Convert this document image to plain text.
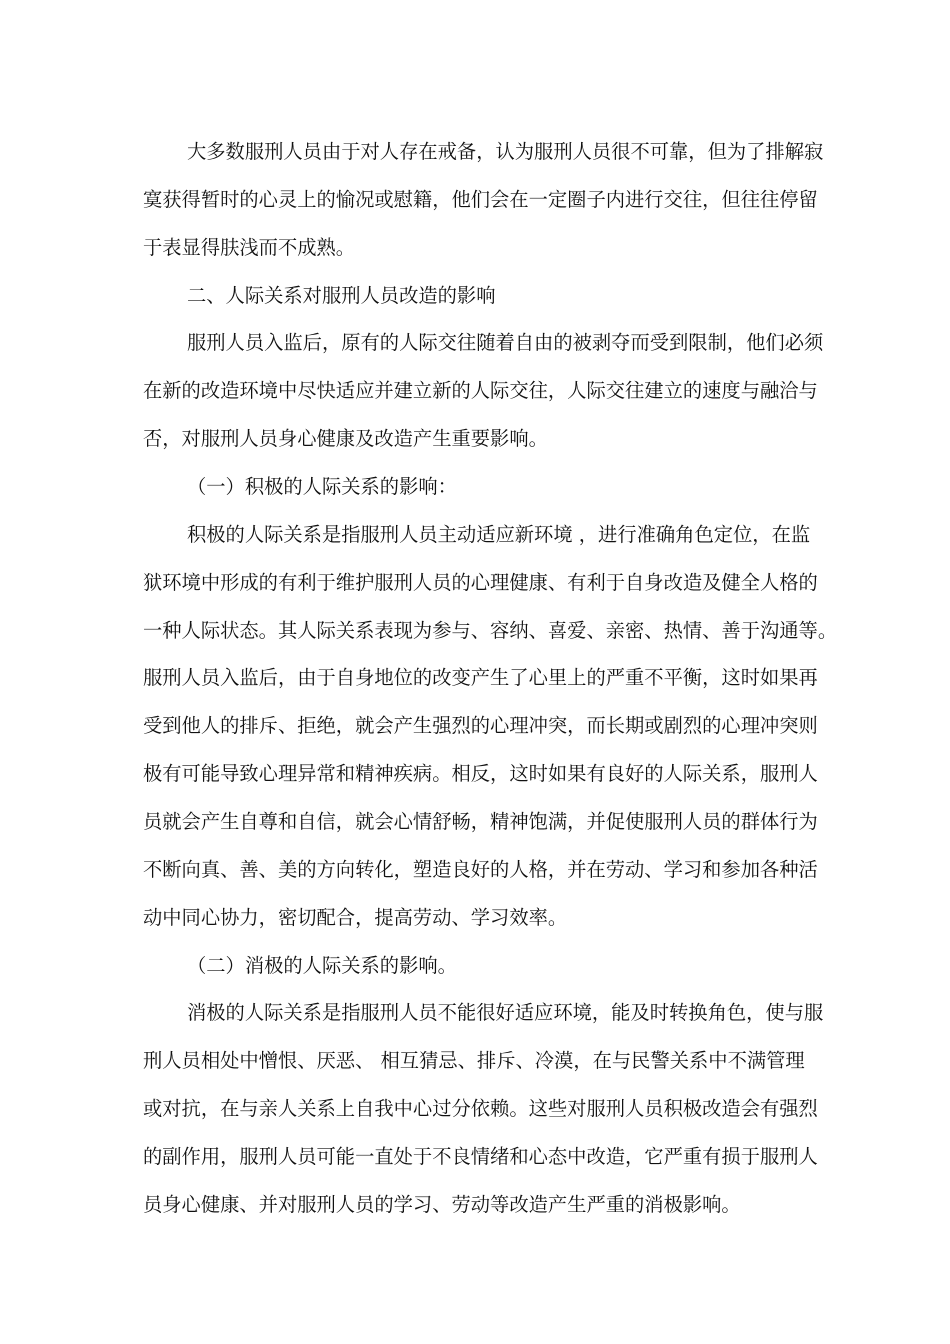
大多数服刑人员由于对人存在戒备，认为服刑人员很不可靠，但为了排解寂
寞获得暂时的心灵上的愉况或慰籍，他们会在一定圈子内进行交往，但往往停留
于表显得肤浅而不成熟。
二、人际关系对服刑人员改造的影响
服刑人员入监后，原有的人际交往随着自由的被剥夺而受到限制，他们必须
在新的改造环境中尽快适应并建立新的人际交往，人际交往建立的速度与融洽与
否，对服刑人员身心健康及改造产生重要影响。
（一）积极的人际关系的影响：
积极的人际关系是指服刑人员主动适应新环境 ，进行准确角色定位，在监
狱环境中形成的有利于维护服刑人员的心理健康、有利于自身改造及健全人格的
一种人际状态。其人际关系表现为参与、容纳、喜爱、亲密、热情、善于沟通等。
服刑人员入监后，由于自身地位的改变产生了心里上的严重不平衡，这时如果再
受到他人的排斥、拒绝，就会产生强烈的心理冲突，而长期或剧烈的心理冲突则
极有可能导致心理异常和精神疾病。相反，这时如果有良好的人际关系，服刑人
员就会产生自尊和自信，就会心情舒畅，精神饱满，并促使服刑人员的群体行为
不断向真、善、美的方向转化，塑造良好的人格，并在劳动、学习和参加各种活
动中同心协力，密切配合，提高劳动、学习效率。
（二）消极的人际关系的影响。
消极的人际关系是指服刑人员不能很好适应环境，能及时转换角色，使与服
刑人员相处中憎恨、厌恶、 相互猜忌、排斥、冷漠，在与民警关系中不满管理
或对抗，在与亲人关系上自我中心过分依赖。这些对服刑人员积极改造会有强烈
的副作用，服刑人员可能一直处于不良情绪和心态中改造，它严重有损于服刑人
员身心健康、并对服刑人员的学习、劳动等改造产生严重的消极影响。
